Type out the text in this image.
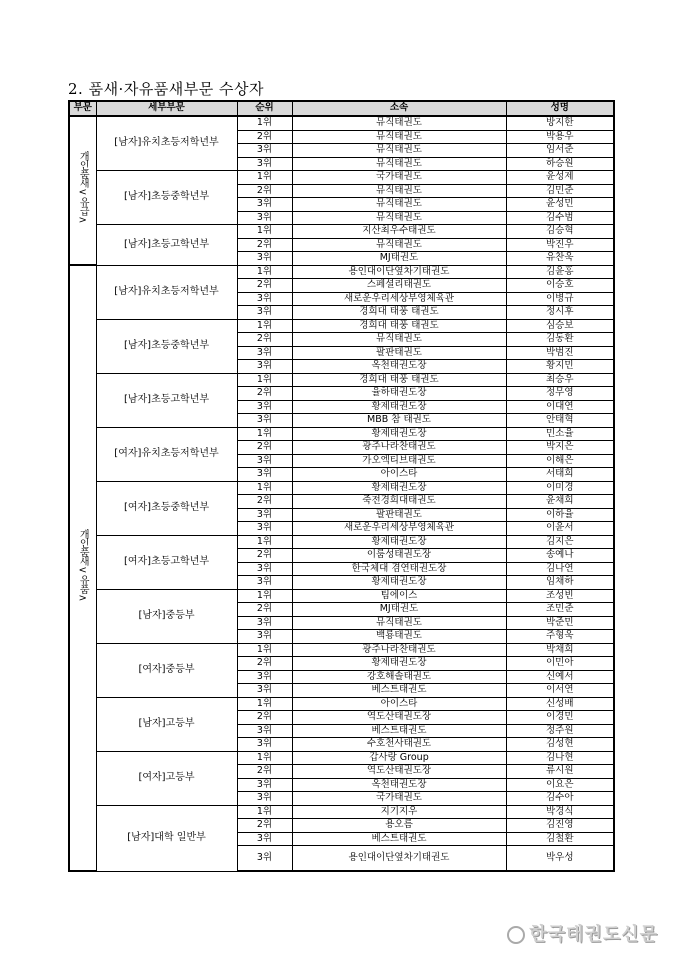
2. 품새·자유품새부문 수상자
부문	세부부문	순위	소속	성명
개인품새<유급>	[남자]유치초등저학년부	1위	뮤직태권도	방지한
		2위	뮤직태권도	박용우
		3위	뮤직태권도	임서준
		3위	뮤직태권도	하승원
	[남자]초등중학년부	1위	국가태권도	윤성제
		2위	뮤직태권도	김민준
		3위	뮤직태권도	윤성민
		3위	뮤직태권도	김수범
	[남자]초등고학년부	1위	지산최우수태권도	김승혁
		2위	뮤직태권도	박진우
		3위	MJ태권도	유찬욱
개인품새<유품>	[남자]유치초등저학년부	1위	용인대이단옆차기태권도	김윤홍
		2위	스페셜리태권도	이승호
		3위	새로운우리세상부영체육관	이병규
		3위	경희대 태풍 태권도	정시후
	[남자]초등중학년부	1위	경희대 태풍 태권도	심승보
		2위	뮤직태권도	김동환
		3위	팔판태권도	박범진
		3위	옥천태권도장	황지민
	[남자]초등고학년부	1위	경희대 태풍 태권도	최승우
		2위	율하태권도장	정무영
		3위	황제태권도장	이대연
		3위	MBB 참 태권도	안태혁
	[여자]유치초등저학년부	1위	황제태권도장	민소율
		2위	광주나라찬태권도	박지은
		3위	가오엑티브태권도	이해은
		3위	아이스타	서태희
	[여자]초등중학년부	1위	황제태권도장	이미경
		2위	죽전경희대태권도	윤채희
		3위	팔판태권도	이하율
		3위	새로운우리세상부영체육관	이윤서
	[여자]초등고학년부	1위	황제태권도장	김지은
		2위	이룸성태권도장	송예나
		3위	한국체대 겸연태권도장	김나연
		3위	황제태권도장	임채하
	[남자]중등부	1위	팀에이스	조성빈
		2위	MJ태권도	조민준
		3위	뮤직태권도	박준민
		3위	백룡태권도	주형욱
	[여자]중등부	1위	광주나라찬태권도	박채희
		2위	황제태권도장	이민아
		3위	강호해솔태권도	신예서
		3위	베스트태권도	이서연
	[남자]고등부	1위	아이스타	신성배
		2위	역도산태권도장	이경민
		3위	베스트태권도	정주원
		3위	수호천사태권도	김성현
	[여자]고등부	1위	갑사랑 Group	김나현
		2위	역도산태권도장	류시원
		3위	옥천태권도장	이요은
		3위	국가태권도	김수아
	[남자]대학 일반부	1위	지기지우	박경식
		2위	용오름	김진영
		3위	베스트태권도	김철환
		3위	용인대이단옆차기태권도	박우성
한국태권도신문
